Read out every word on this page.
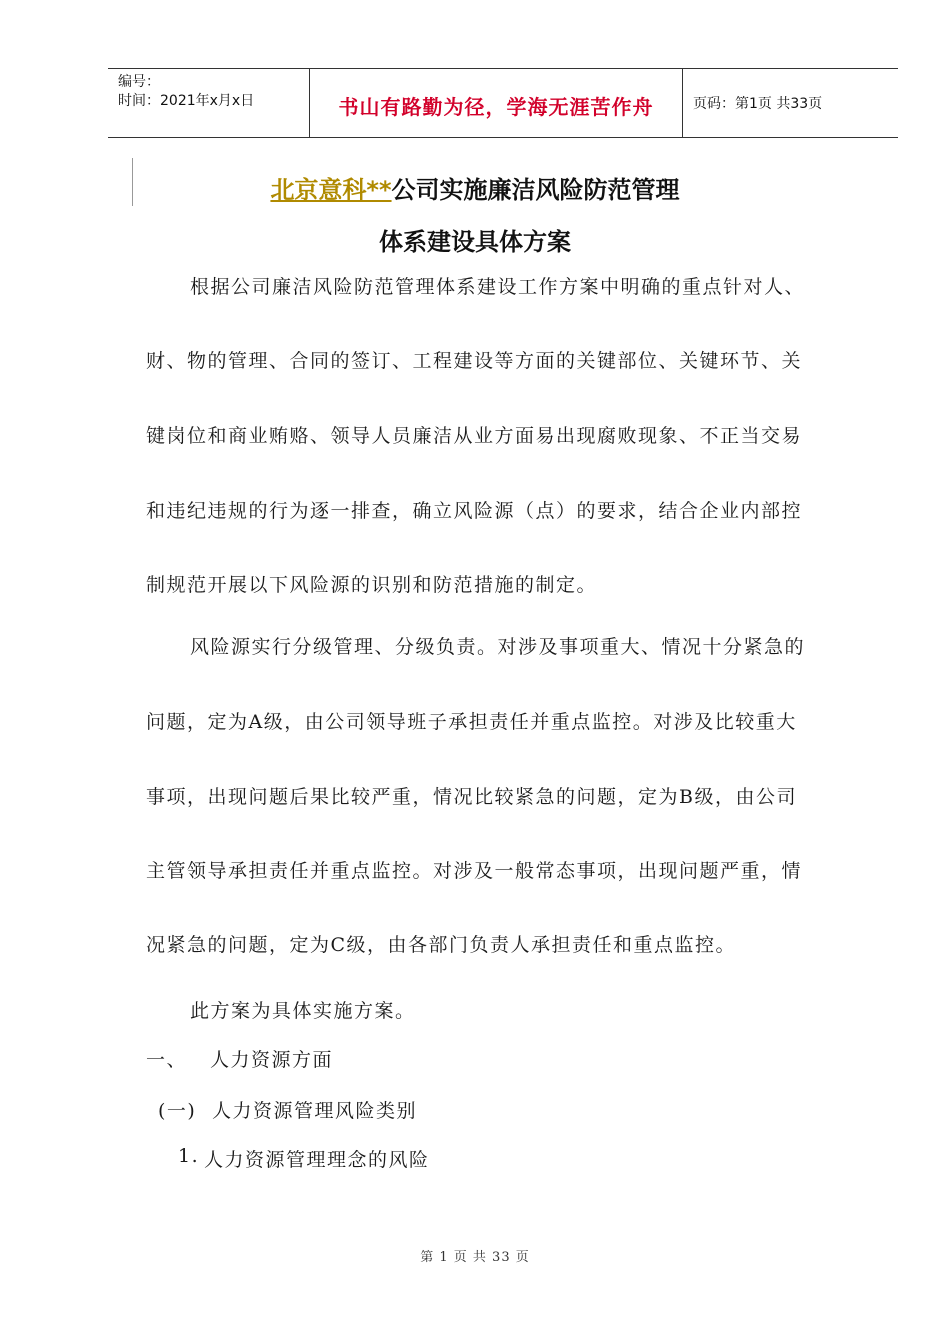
编号：
时间：2021年x月x日	书山有路勤为径，学海无涯苦作舟	页码：第1页 共33页
北京意科**公司实施廉洁风险防范管理
体系建设具体方案
根据公司廉洁风险防范管理体系建设工作方案中明确的重点针对人、
财、物的管理、合同的签订、工程建设等方面的关键部位、关键环节、关
键岗位和商业贿赂、领导人员廉洁从业方面易出现腐败现象、不正当交易
和违纪违规的行为逐一排查，确立风险源（点）的要求，结合企业内部控
制规范开展以下风险源的识别和防范措施的制定。
风险源实行分级管理、分级负责。对涉及事项重大、情况十分紧急的
问题，定为A级，由公司领导班子承担责任并重点监控。对涉及比较重大
事项，出现问题后果比较严重，情况比较紧急的问题，定为B级，由公司
主管领导承担责任并重点监控。对涉及一般常态事项，出现问题严重，情
况紧急的问题，定为C级，由各部门负责人承担责任和重点监控。
此方案为具体实施方案。
一、 人力资源方面
(一) 人力资源管理风险类别
1. 人力资源管理理念的风险
第 1 页 共 33 页
